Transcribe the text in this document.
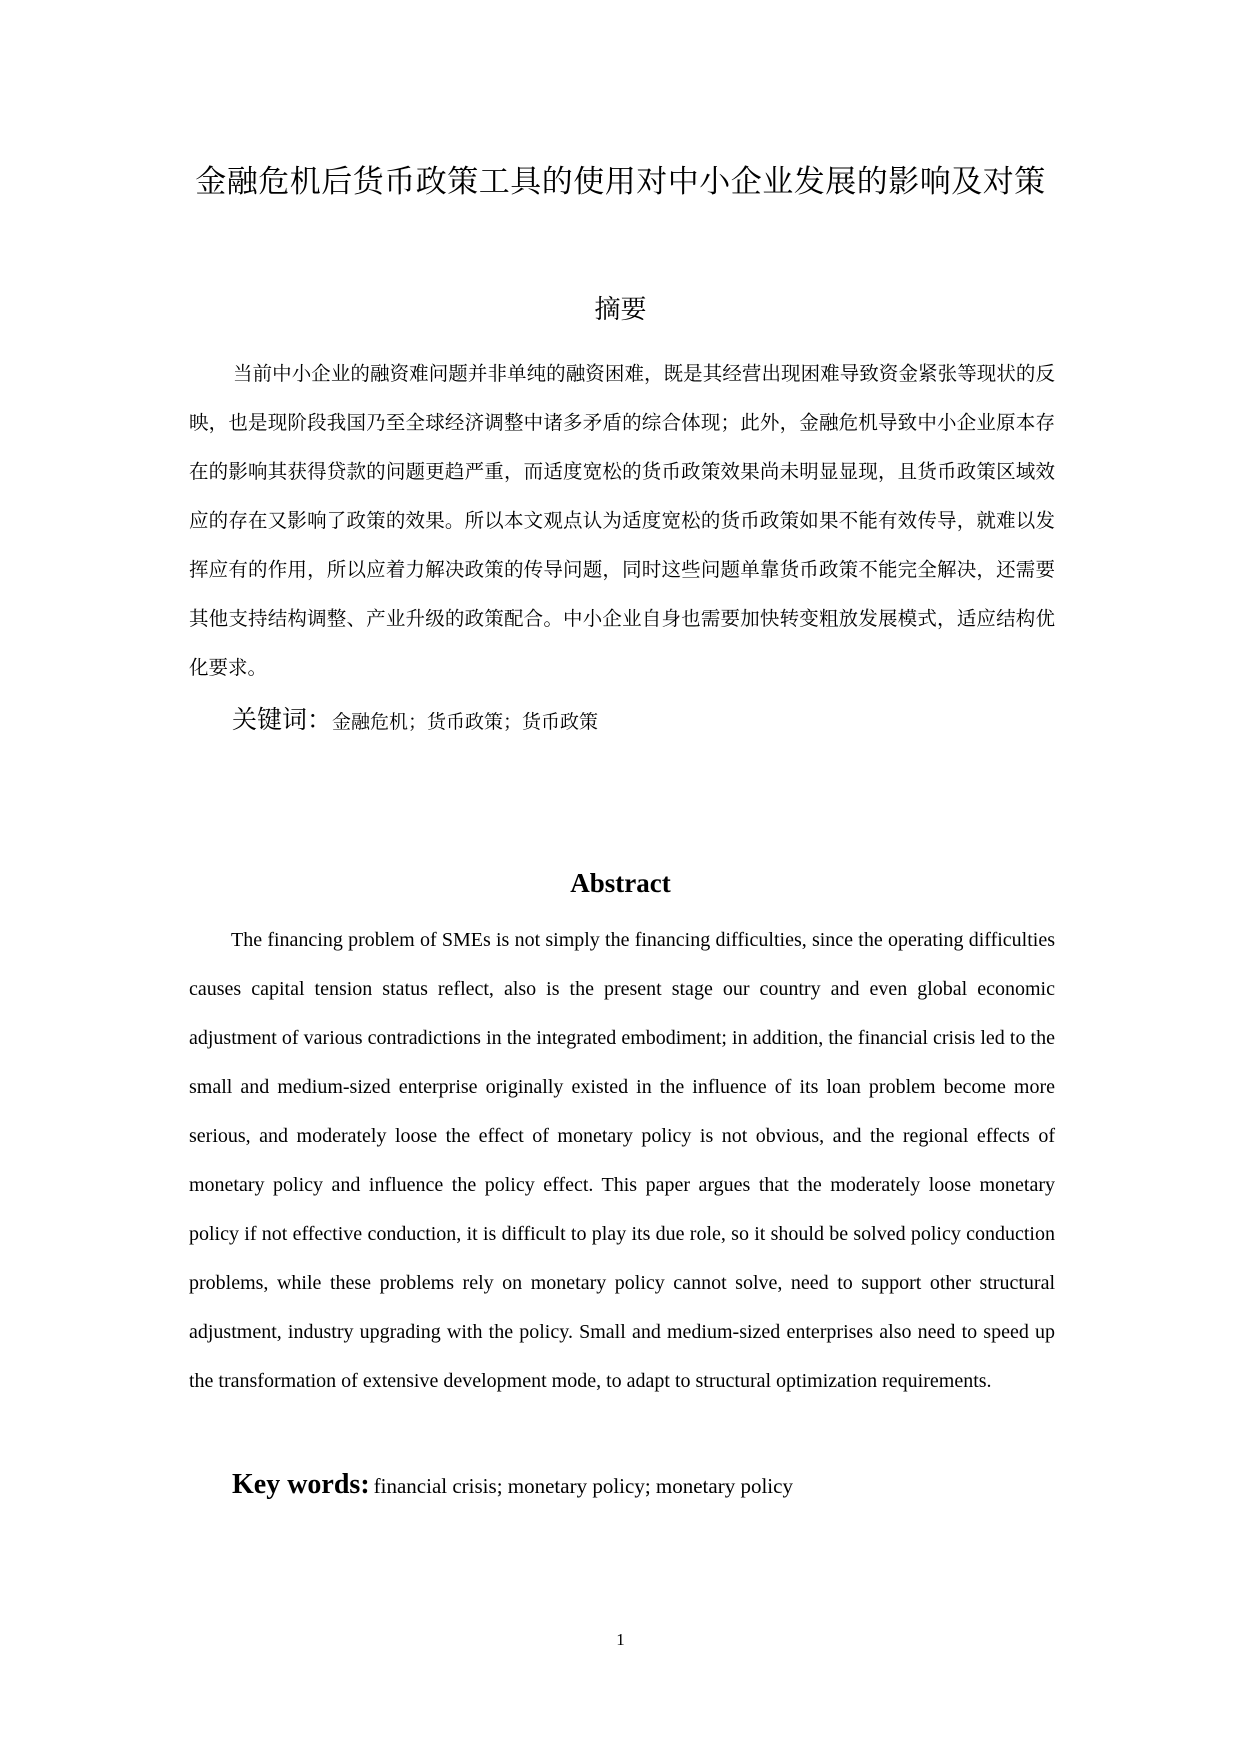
金融危机后货币政策工具的使用对中小企业发展的影响及对策
摘要

当前中小企业的融资难问题并非单纯的融资困难，既是其经营出现困难导致资金紧张等现状的反映，也是现阶段我国乃至全球经济调整中诸多矛盾的综合体现；此外，金融危机导致中小企业原本存在的影响其获得贷款的问题更趋严重，而适度宽松的货币政策效果尚未明显显现，且货币政策区域效应的存在又影响了政策的效果。所以本文观点认为适度宽松的货币政策如果不能有效传导，就难以发挥应有的作用，所以应着力解决政策的传导问题，同时这些问题单靠货币政策不能完全解决，还需要其他支持结构调整、产业升级的政策配合。中小企业自身也需要加快转变粗放发展模式，适应结构优化要求。

关键词：金融危机；货币政策；货币政策

Abstract

The financing problem of SMEs is not simply the financing difficulties, since the operating difficulties causes capital tension status reflect, also is the present stage our country and even global economic adjustment of various contradictions in the integrated embodiment; in addition, the financial crisis led to the small and medium-sized enterprise originally existed in the influence of its loan problem become more serious, and moderately loose the effect of monetary policy is not obvious, and the regional effects of monetary policy and influence the policy effect. This paper argues that the moderately loose monetary policy if not effective conduction, it is difficult to play its due role, so it should be solved policy conduction problems, while these problems rely on monetary policy cannot solve, need to support other structural adjustment, industry upgrading with the policy. Small and medium-sized enterprises also need to speed up the transformation of extensive development mode, to adapt to structural optimization requirements.

Key words: financial crisis; monetary policy; monetary policy

1
